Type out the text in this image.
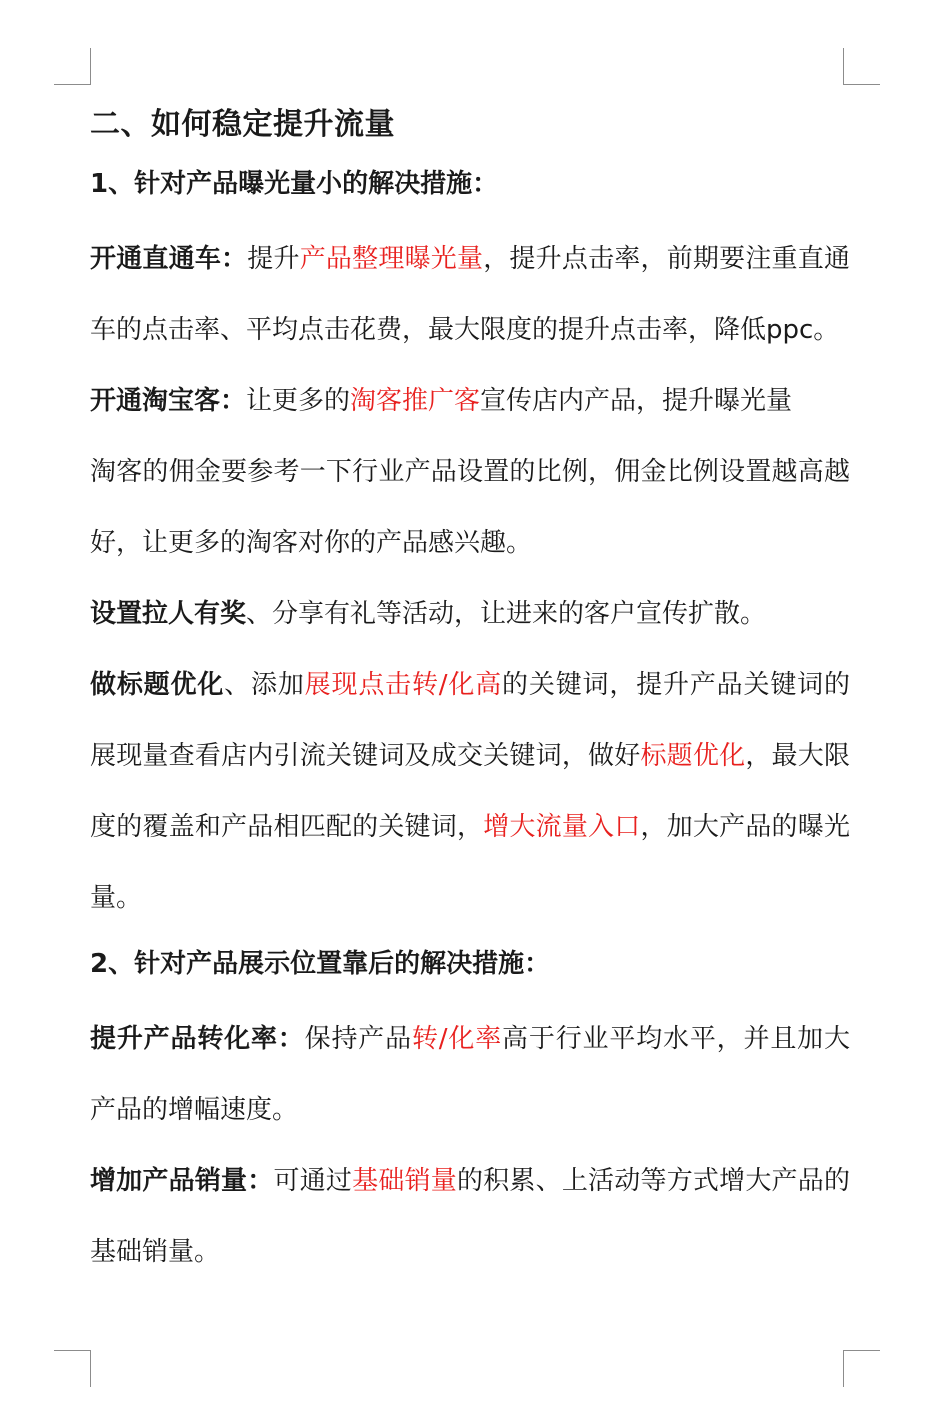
二、如何稳定提升流量
1、针对产品曝光量小的解决措施：

开通直通车：提升产品整理曝光量，提升点击率，前期要注重直通车的点击率、平均点击花费，最大限度的提升点击率，降低ppc。

开通淘宝客：让更多的淘客推广客宣传店内产品，提升曝光量

淘客的佣金要参考一下行业产品设置的比例，佣金比例设置越高越好，让更多的淘客对你的产品感兴趣。

设置拉人有奖、分享有礼等活动，让进来的客户宣传扩散。

做标题优化、添加展现点击转/化高的关键词，提升产品关键词的展现量查看店内引流关键词及成交关键词，做好标题优化，最大限度的覆盖和产品相匹配的关键词，增大流量入口，加大产品的曝光量。

2、针对产品展示位置靠后的解决措施：

提升产品转化率：保持产品转/化率高于行业平均水平，并且加大产品的增幅速度。

增加产品销量：可通过基础销量的积累、上活动等方式增大产品的基础销量。
